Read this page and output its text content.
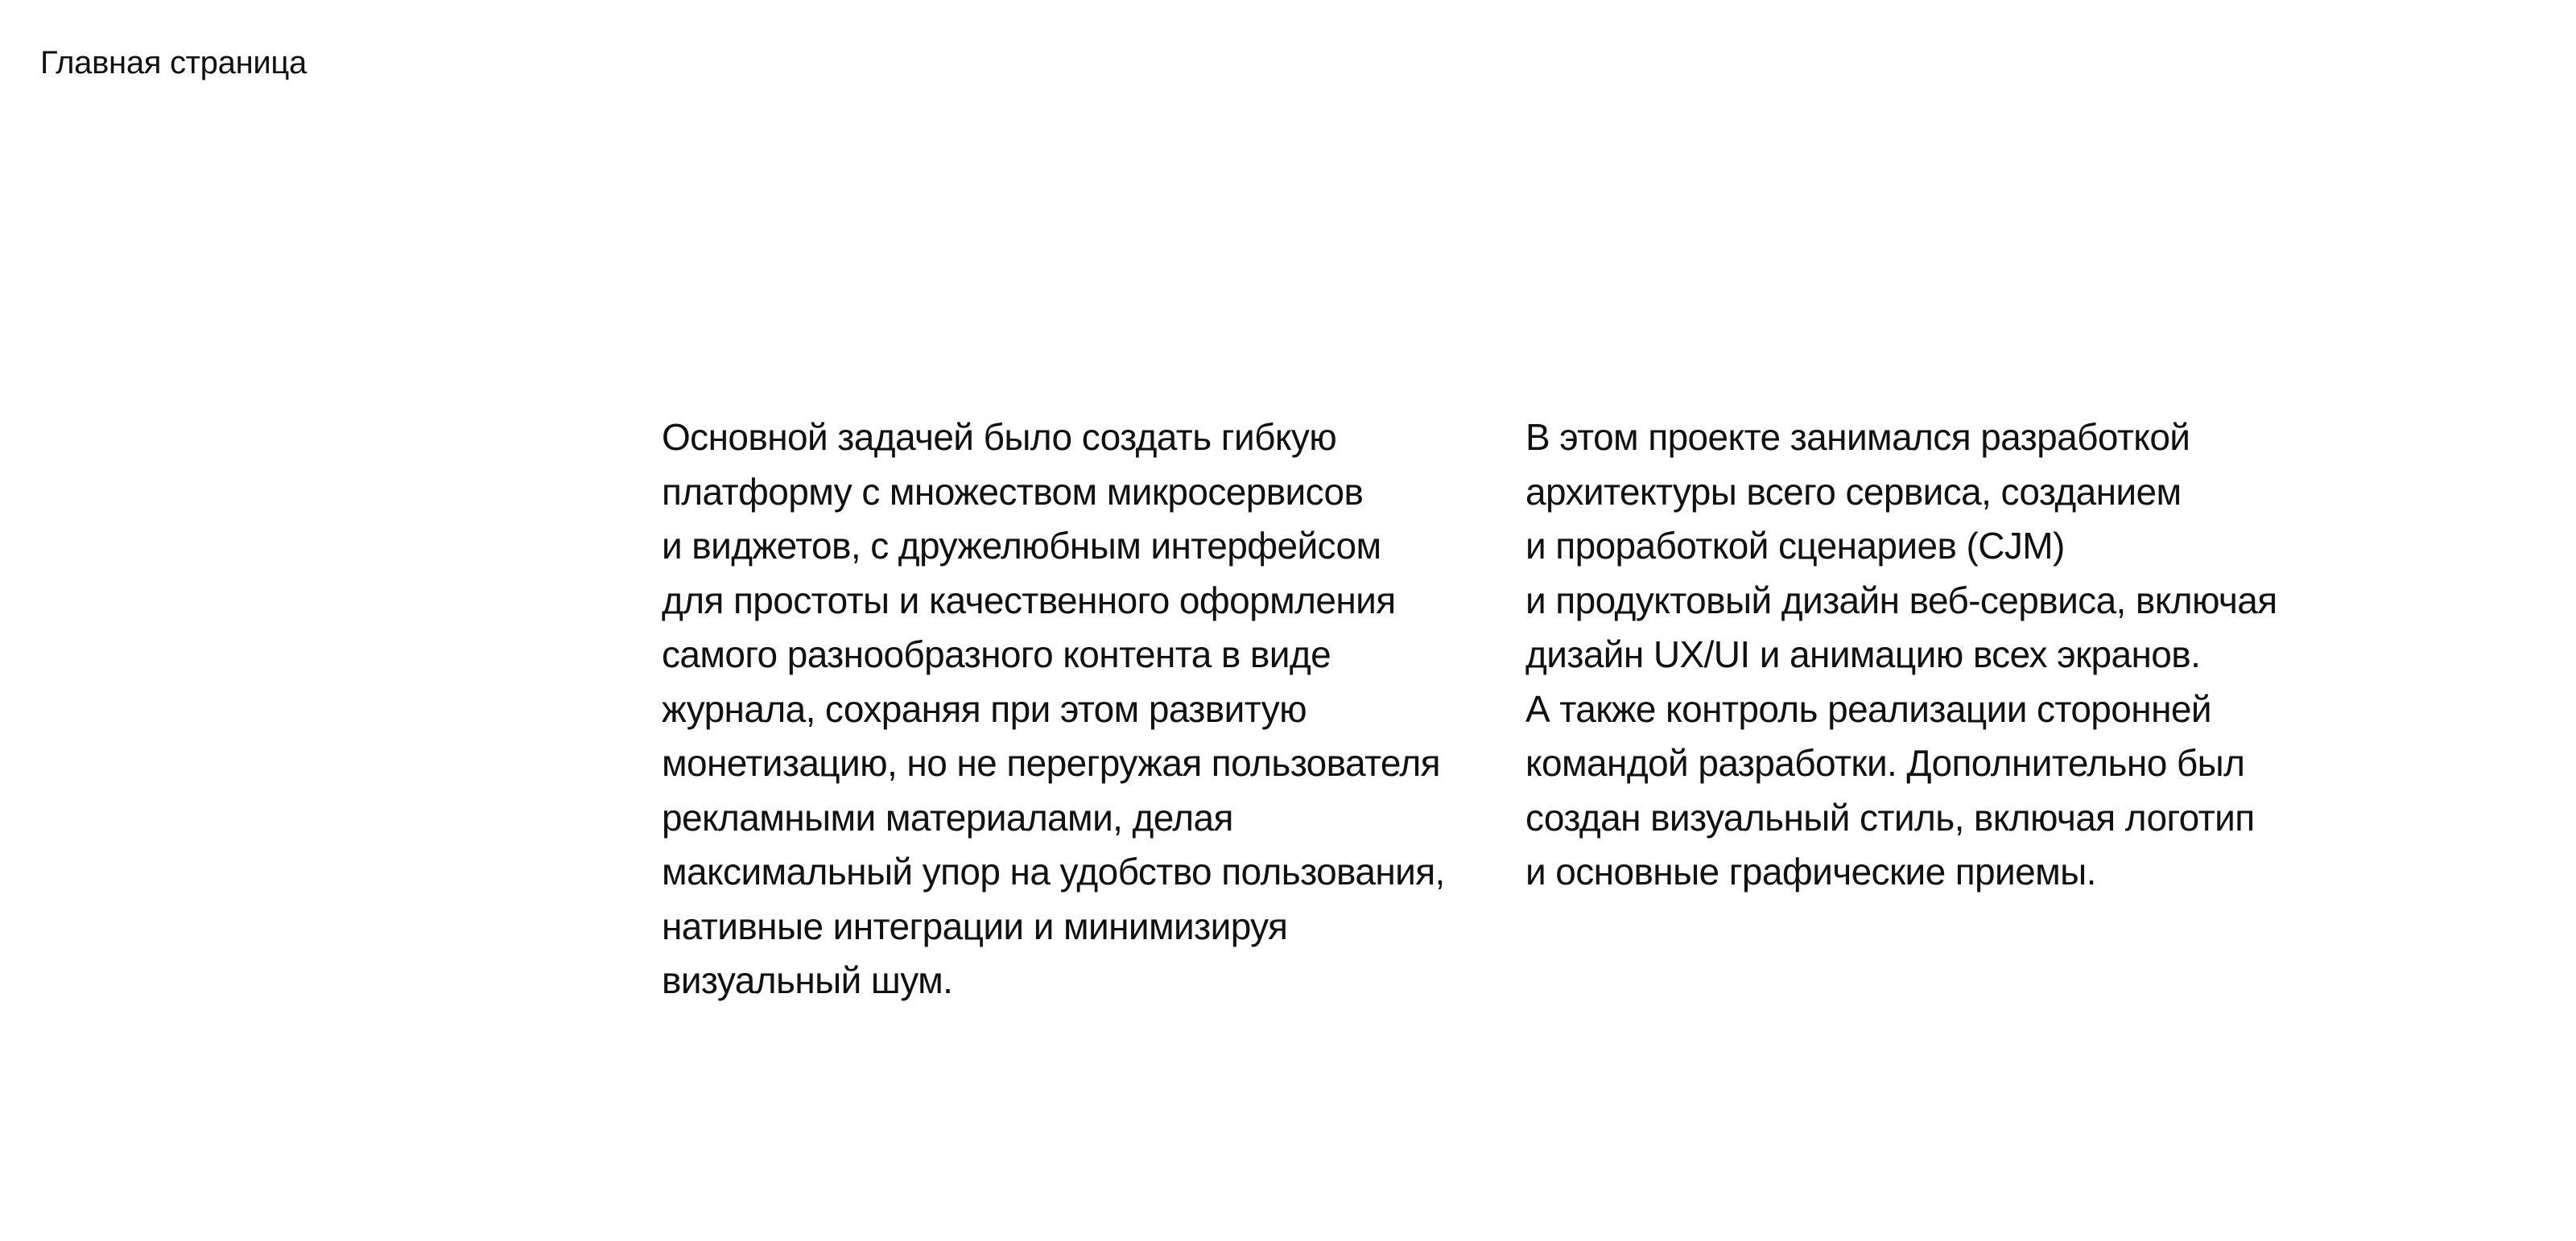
Главная страница
Основной задачей было создать гибкую
платформу с множеством микросервисов
и виджетов, с дружелюбным интерфейсом
для простоты и качественного оформления
самого разнообразного контента в виде
журнала, сохраняя при этом развитую
монетизацию, но не перегружая пользователя
рекламными материалами, делая
максимальный упор на удобство пользования,
нативные интеграции и минимизируя
визуальный шум.
В этом проекте занимался разработкой
архитектуры всего сервиса, созданием
и проработкой сценариев (CJM)
и продуктовый дизайн веб-сервиса, включая
дизайн UX/UI и анимацию всех экранов.
А также контроль реализации сторонней
командой разработки. Дополнительно был
создан визуальный стиль, включая логотип
и основные графические приемы.
